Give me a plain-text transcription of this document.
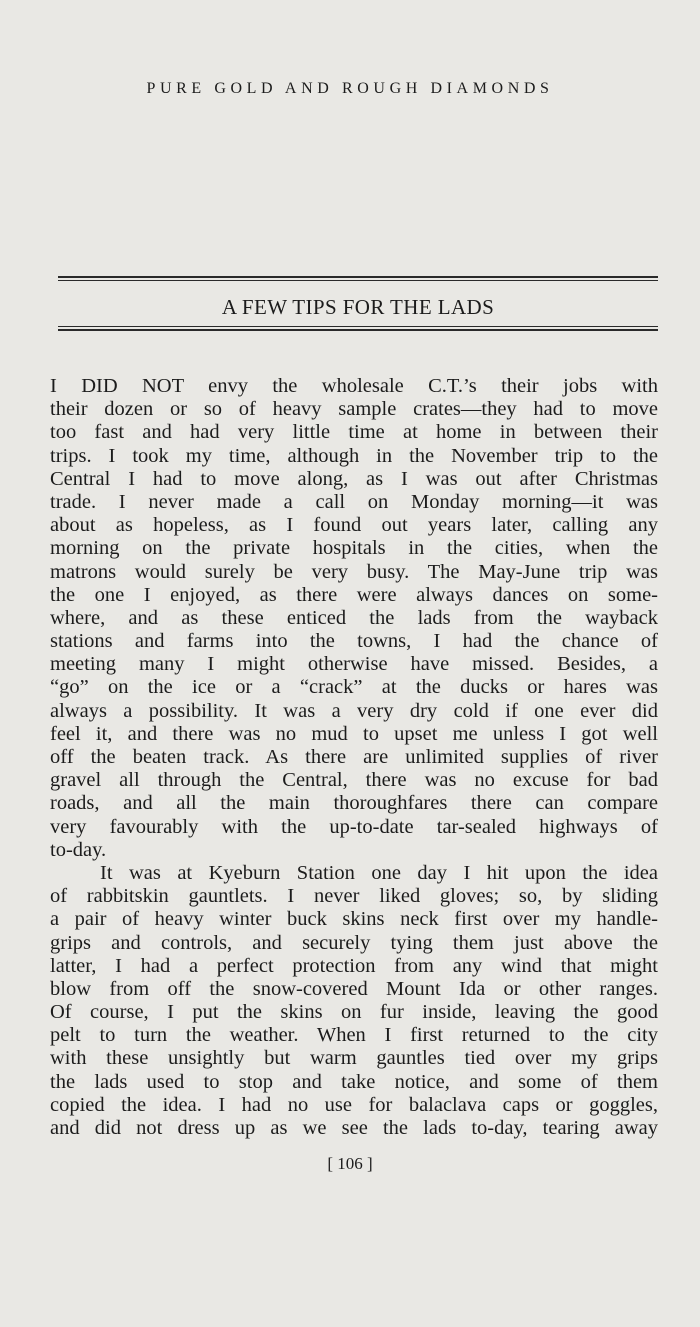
PURE GOLD AND ROUGH DIAMONDS
A FEW TIPS FOR THE LADS
I DID NOT envy the wholesale C.T.’s their jobs with
their dozen or so of heavy sample crates—they had to move
too fast and had very little time at home in between their
trips. I took my time, although in the November trip to the
Central I had to move along, as I was out after Christmas
trade. I never made a call on Monday morning—it was
about as hopeless, as I found out years later, calling any
morning on the private hospitals in the cities, when the
matrons would surely be very busy. The May-June trip was
the one I enjoyed, as there were always dances on some-
where, and as these enticed the lads from the wayback
stations and farms into the towns, I had the chance of
meeting many I might otherwise have missed. Besides, a
“go” on the ice or a “crack” at the ducks or hares was
always a possibility. It was a very dry cold if one ever did
feel it, and there was no mud to upset me unless I got well
off the beaten track. As there are unlimited supplies of river
gravel all through the Central, there was no excuse for bad
roads, and all the main thoroughfares there can compare
very favourably with the up-to-date tar-sealed highways of
to-day.
It was at Kyeburn Station one day I hit upon the idea
of rabbitskin gauntlets. I never liked gloves; so, by sliding
a pair of heavy winter buck skins neck first over my handle-
grips and controls, and securely tying them just above the
latter, I had a perfect protection from any wind that might
blow from off the snow-covered Mount Ida or other ranges.
Of course, I put the skins on fur inside, leaving the good
pelt to turn the weather. When I first returned to the city
with these unsightly but warm gauntles tied over my grips
the lads used to stop and take notice, and some of them
copied the idea. I had no use for balaclava caps or goggles,
and did not dress up as we see the lads to-day, tearing away
[ 106 ]
